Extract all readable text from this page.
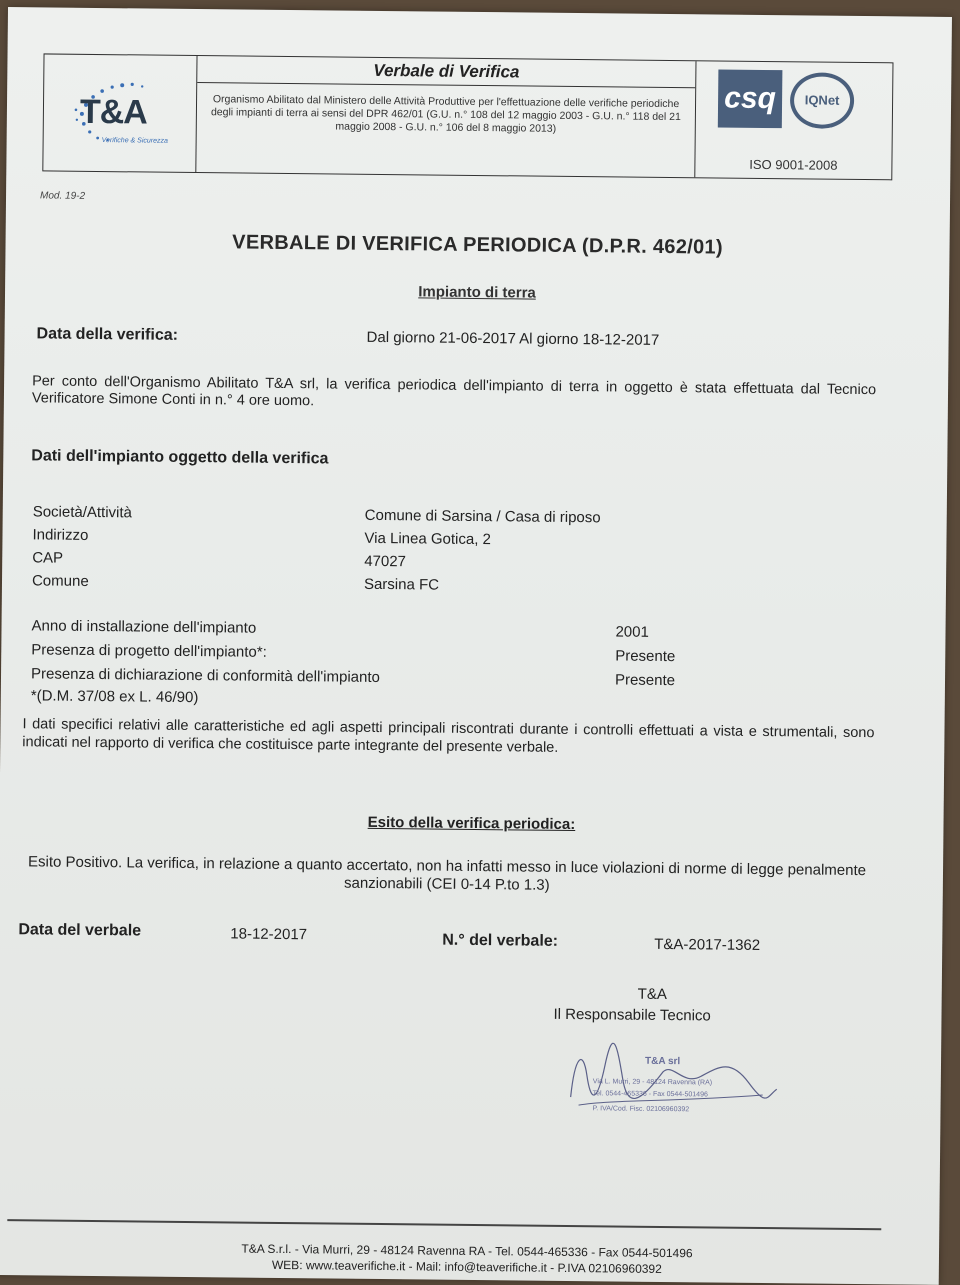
T&A
Verifiche & Sicurezza
Verbale di Verifica
Organismo Abilitato dal Ministero delle Attività Produttive per l'effettuazione delle verifiche periodiche degli impianti di terra ai sensi del DPR 462/01 (G.U. n.° 108 del 12 maggio 2003 - G.U. n.° 118 del 21 maggio 2008 - G.U. n.° 106 del 8 maggio 2013)
csq	IQNet
ISO 9001-2008
Mod. 19-2
VERBALE DI VERIFICA PERIODICA (D.P.R. 462/01)
Impianto di terra
Data della verifica:	Dal giorno 21-06-2017 Al giorno 18-12-2017
Per conto dell'Organismo Abilitato T&A srl, la verifica periodica dell'impianto di terra in oggetto è stata effettuata dal Tecnico Verificatore Simone Conti in n.° 4 ore uomo.
Dati dell'impianto oggetto della verifica
Società/Attività	Comune di Sarsina / Casa di riposo
Indirizzo	Via Linea Gotica, 2
CAP	47027
Comune	Sarsina FC
Anno di installazione dell'impianto	2001
Presenza di progetto dell'impianto*:	Presente
Presenza di dichiarazione di conformità dell'impianto	Presente
*(D.M. 37/08 ex L. 46/90)
I dati specifici relativi alle caratteristiche ed agli aspetti principali riscontrati durante i controlli effettuati a vista e strumentali, sono indicati nel rapporto di verifica che costituisce parte integrante del presente verbale.
Esito della verifica periodica:
Esito Positivo. La verifica, in relazione a quanto accertato, non ha infatti messo in luce violazioni di norme di legge penalmente sanzionabili (CEI 0-14 P.to 1.3)
Data del verbale	18-12-2017	N.° del verbale:	T&A-2017-1362
T&A
Il Responsabile Tecnico
T&A srl
Via L. Murri, 29 - 48124 Ravenna (RA)
Tel. 0544-465336 - Fax 0544-501496
P. IVA/Cod. Fisc. 02106960392
T&A S.r.l. - Via Murri, 29 - 48124 Ravenna RA - Tel. 0544-465336 - Fax 0544-501496
WEB: www.teaverifiche.it - Mail: info@teaverifiche.it - P.IVA 02106960392
